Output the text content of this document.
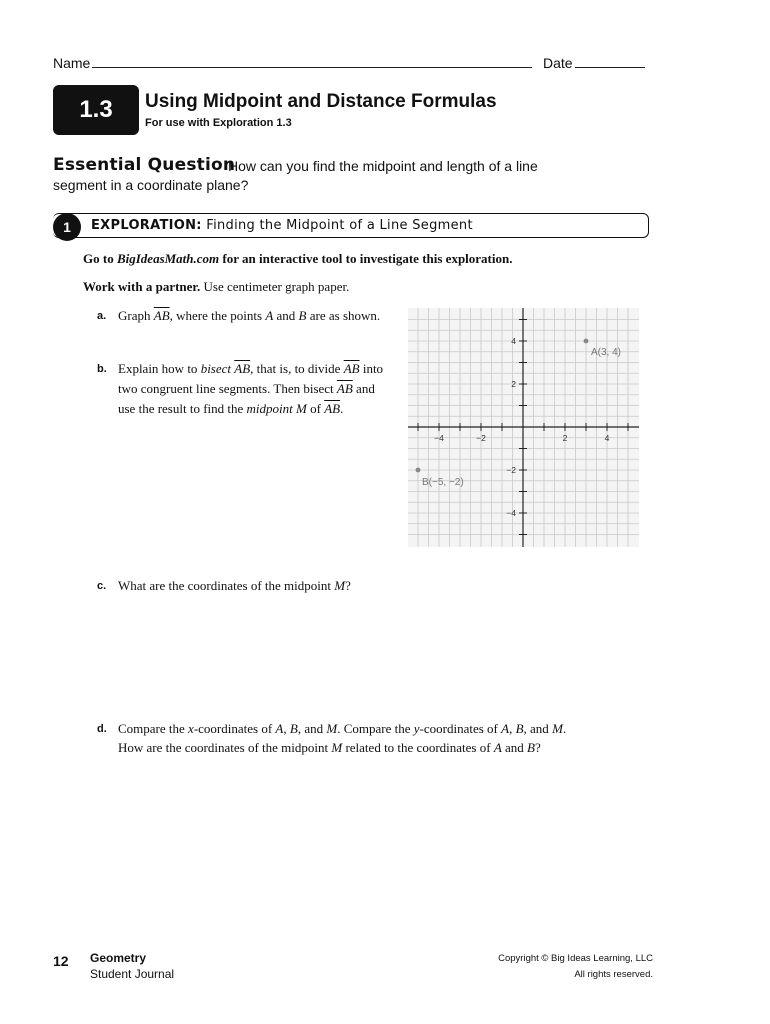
Name	Date
1.3	Using Midpoint and Distance Formulas
For use with Exploration 1.3
Essential Question
How can you find the midpoint and length of a line
segment in a coordinate plane?
1	EXPLORATION: Finding the Midpoint of a Line Segment
Go to BigIdeasMath.com for an interactive tool to investigate this exploration.
Work with a partner. Use centimeter graph paper.
a. Graph $\overline{AB}$, where the points A and B are as shown.
b. Explain how to bisect $\overline{AB}$, that is, to divide $\overline{AB}$ into two congruent line segments. Then bisect $\overline{AB}$ and use the result to find the midpoint M of $\overline{AB}$.
−4	−2	2	4
4
2
−2
−4
A(3, 4)
B(−5, −2)
c. What are the coordinates of the midpoint M?
d. Compare the x-coordinates of A, B, and M. Compare the y-coordinates of A, B, and M. How are the coordinates of the midpoint M related to the coordinates of A and B?
12 Geometry
Student Journal
Copyright © Big Ideas Learning, LLC
All rights reserved.
